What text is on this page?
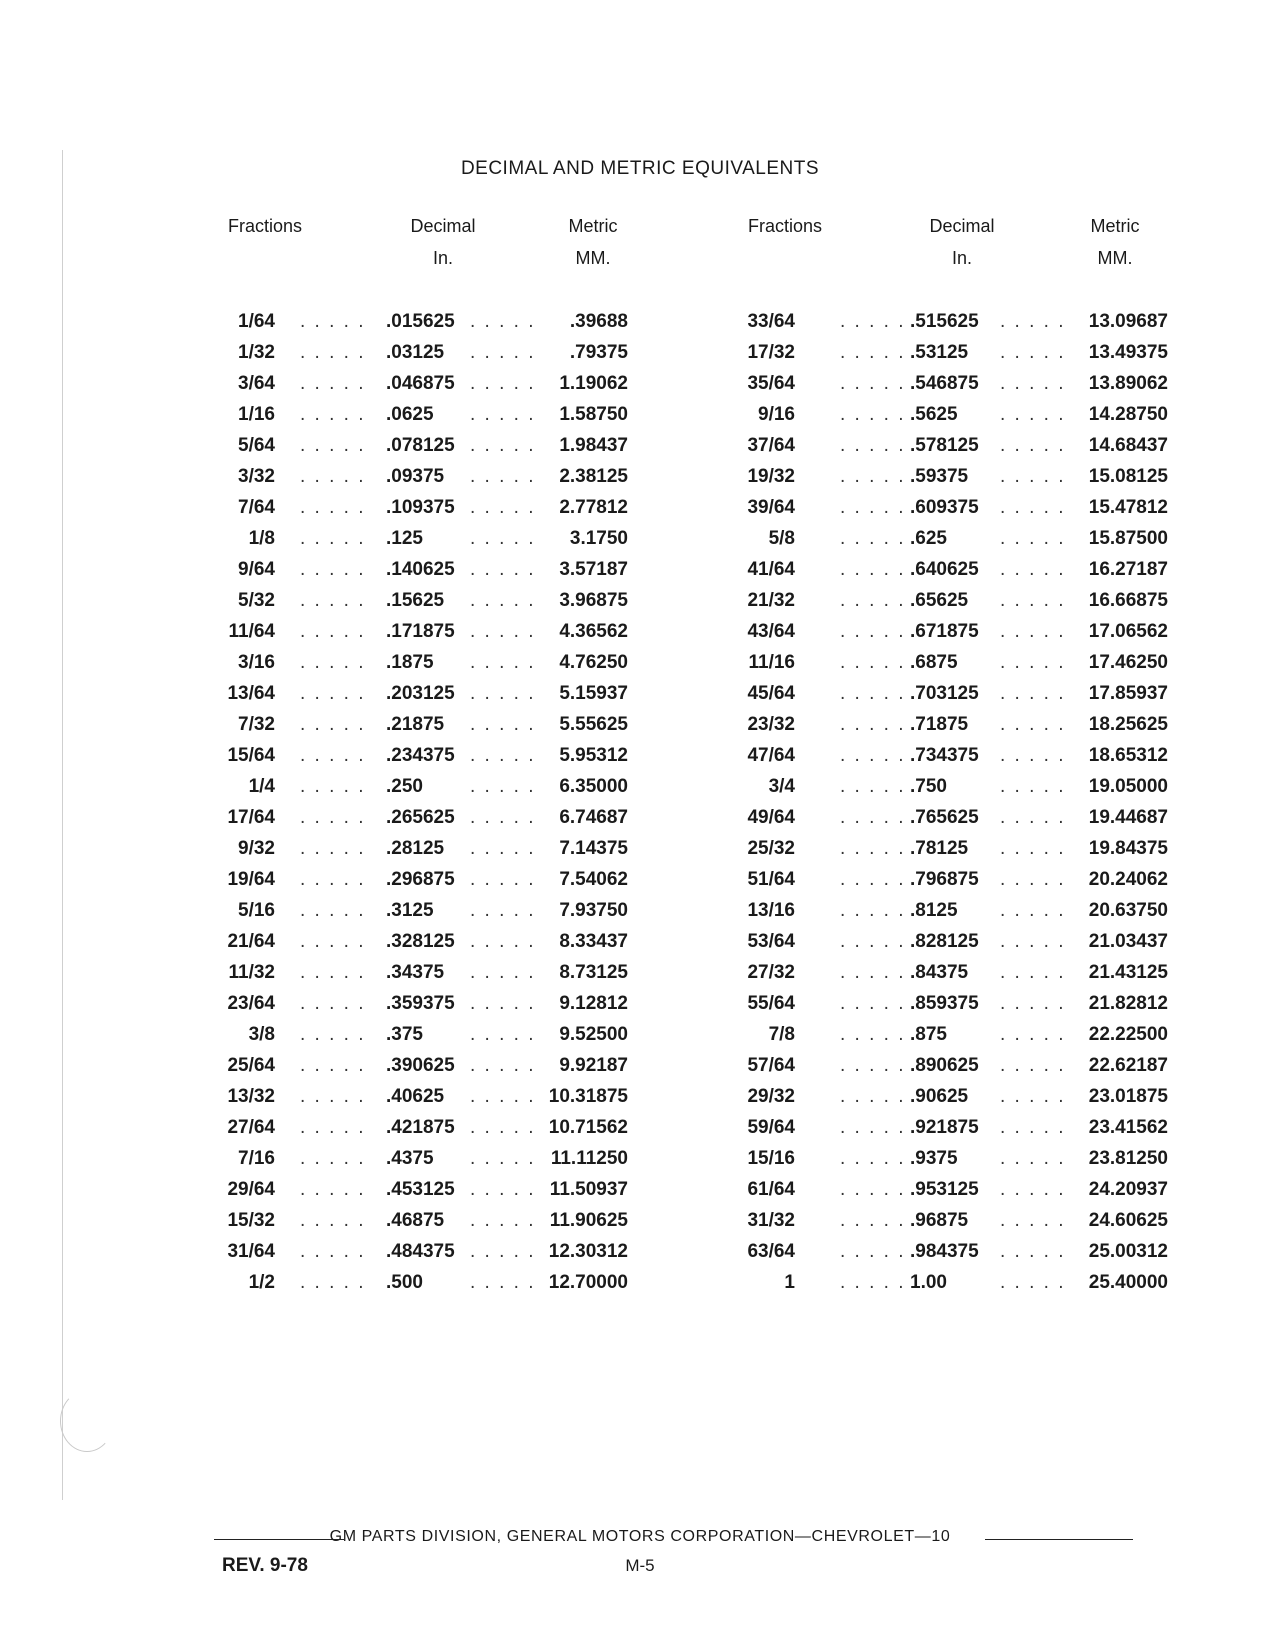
DECIMAL AND METRIC EQUIVALENTS
Fractions	Decimal
In.
Metric
MM.
Fractions	Decimal
In.
Metric
MM.
1/64 . . . . . .015625 . . . . .	.39688
1/32 . . . . . .03125 . . . . .	.79375
3/64 . . . . . .046875 . . . . .	1.19062
1/16 . . . . . .0625 . . . . .	1.58750
5/64 . . . . . .078125 . . . . .	1.98437
3/32 . . . . . .09375 . . . . .	2.38125
7/64 . . . . . .109375 . . . . .	2.77812
1/8 . . . . . .125 . . . . .	3.1750
9/64 . . . . . .140625 . . . . .	3.57187
5/32 . . . . . .15625 . . . . .	3.96875
11/64 . . . . . .171875 . . . . .	4.36562
3/16 . . . . . .1875 . . . . .	4.76250
13/64 . . . . . .203125 . . . . .	5.15937
7/32 . . . . . .21875 . . . . .	5.55625
15/64 . . . . . .234375 . . . . .	5.95312
1/4 . . . . . .250 . . . . .	6.35000
17/64 . . . . . .265625 . . . . .	6.74687
9/32 . . . . . .28125 . . . . .	7.14375
19/64 . . . . . .296875 . . . . .	7.54062
5/16 . . . . . .3125 . . . . .	7.93750
21/64 . . . . . .328125 . . . . .	8.33437
11/32 . . . . . .34375 . . . . .	8.73125
23/64 . . . . . .359375 . . . . .	9.12812
3/8 . . . . . .375 . . . . .	9.52500
25/64 . . . . . .390625 . . . . .	9.92187
13/32 . . . . . .40625 . . . . . 10.31875
27/64 . . . . . .421875 . . . . . 10.71562
7/16 . . . . . .4375 . . . . . 11.11250
29/64 . . . . . .453125 . . . . . 11.50937
15/32 . . . . . .46875 . . . . . 11.90625
31/64 . . . . . .484375 . . . . . 12.30312
1/2 . . . . . .500 . . . . . 12.70000
33/64 . . . . . .515625 . . . . .	13.09687
17/32 . . . . . .53125 . . . . .	13.49375
35/64 . . . . . .546875 . . . . .	13.89062
9/16 . . . . . .5625 . . . . .	14.28750
37/64 . . . . . .578125 . . . . .	14.68437
19/32 . . . . . .59375 . . . . .	15.08125
39/64 . . . . . .609375 . . . . .	15.47812
5/8 . . . . . .625	. . . . .	15.87500
41/64 . . . . . .640625 . . . . .	16.27187
21/32 . . . . . .65625 . . . . .	16.66875
43/64 . . . . . .671875 . . . . .	17.06562
11/16 . . . . . .6875 . . . . .	17.46250
45/64 . . . . . .703125 . . . . .	17.85937
23/32 . . . . . .71875 . . . . .	18.25625
47/64 . . . . . .734375 . . . . .	18.65312
3/4 . . . . . .750	. . . . .	19.05000
49/64 . . . . . .765625 . . . . .	19.44687
25/32 . . . . . .78125 . . . . .	19.84375
51/64 . . . . . .796875 . . . . .	20.24062
13/16 . . . . . .8125 . . . . .	20.63750
53/64 . . . . . .828125 . . . . .	21.03437
27/32 . . . . . .84375 . . . . .	21.43125
55/64 . . . . . .859375 . . . . .	21.82812
7/8 . . . . . .875	. . . . .	22.22500
57/64 . . . . . .890625 . . . . .	22.62187
29/32 . . . . . .90625 . . . . .	23.01875
59/64 . . . . . .921875 . . . . .	23.41562
15/16 . . . . . .9375 . . . . .	23.81250
61/64 . . . . . .953125 . . . . .	24.20937
31/32 . . . . . .96875 . . . . .	24.60625
63/64 . . . . . .984375 . . . . .	25.00312
1 . . . . . 1.00	. . . . .	25.40000
GM PARTS DIVISION, GENERAL MOTORS CORPORATION—CHEVROLET—10
REV. 9-78	M-5
